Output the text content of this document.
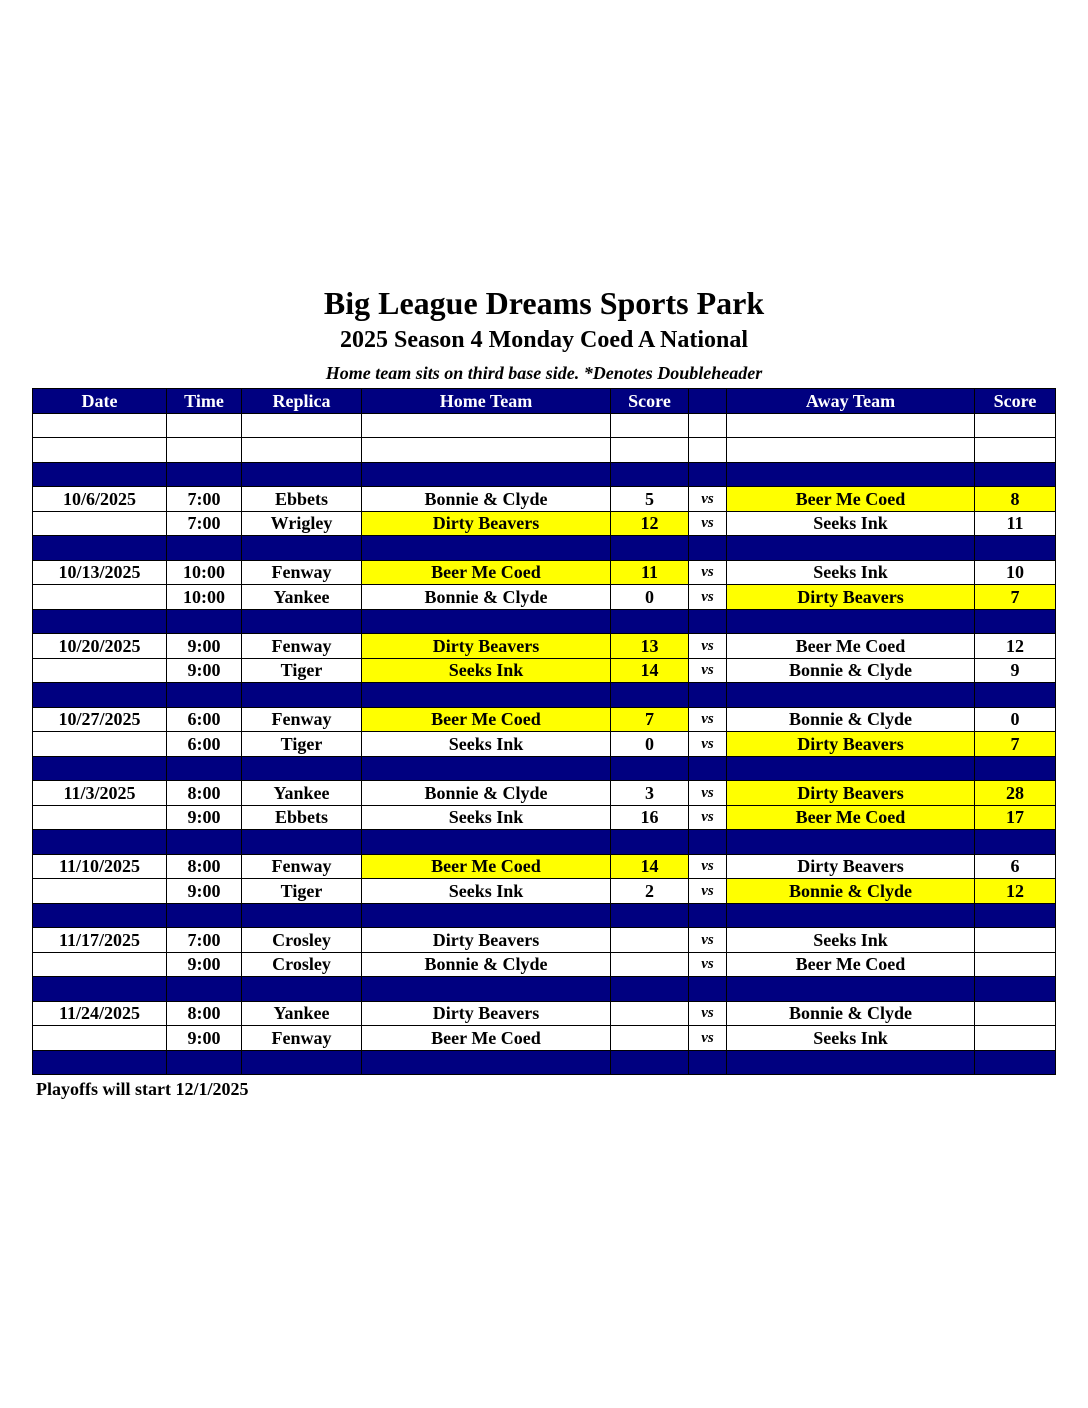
Big League Dreams Sports Park
2025 Season 4 Monday Coed A National
Home team sits on third base side. *Denotes Doubleheader
Date	Time	Replica	Home Team	Score		Away Team	Score

10/6/2025	7:00	Ebbets	Bonnie & Clyde	5	vs	Beer Me Coed	8
	7:00	Wrigley	Dirty Beavers	12	vs	Seeks Ink	11

10/13/2025	10:00	Fenway	Beer Me Coed	11	vs	Seeks Ink	10
	10:00	Yankee	Bonnie & Clyde	0	vs	Dirty Beavers	7

10/20/2025	9:00	Fenway	Dirty Beavers	13	vs	Beer Me Coed	12
	9:00	Tiger	Seeks Ink	14	vs	Bonnie & Clyde	9

10/27/2025	6:00	Fenway	Beer Me Coed	7	vs	Bonnie & Clyde	0
	6:00	Tiger	Seeks Ink	0	vs	Dirty Beavers	7

11/3/2025	8:00	Yankee	Bonnie & Clyde	3	vs	Dirty Beavers	28
	9:00	Ebbets	Seeks Ink	16	vs	Beer Me Coed	17

11/10/2025	8:00	Fenway	Beer Me Coed	14	vs	Dirty Beavers	6
	9:00	Tiger	Seeks Ink	2	vs	Bonnie & Clyde	12

11/17/2025	7:00	Crosley	Dirty Beavers		vs	Seeks Ink	
	9:00	Crosley	Bonnie & Clyde		vs	Beer Me Coed	

11/24/2025	8:00	Yankee	Dirty Beavers		vs	Bonnie & Clyde	
	9:00	Fenway	Beer Me Coed		vs	Seeks Ink	

Playoffs will start 12/1/2025
